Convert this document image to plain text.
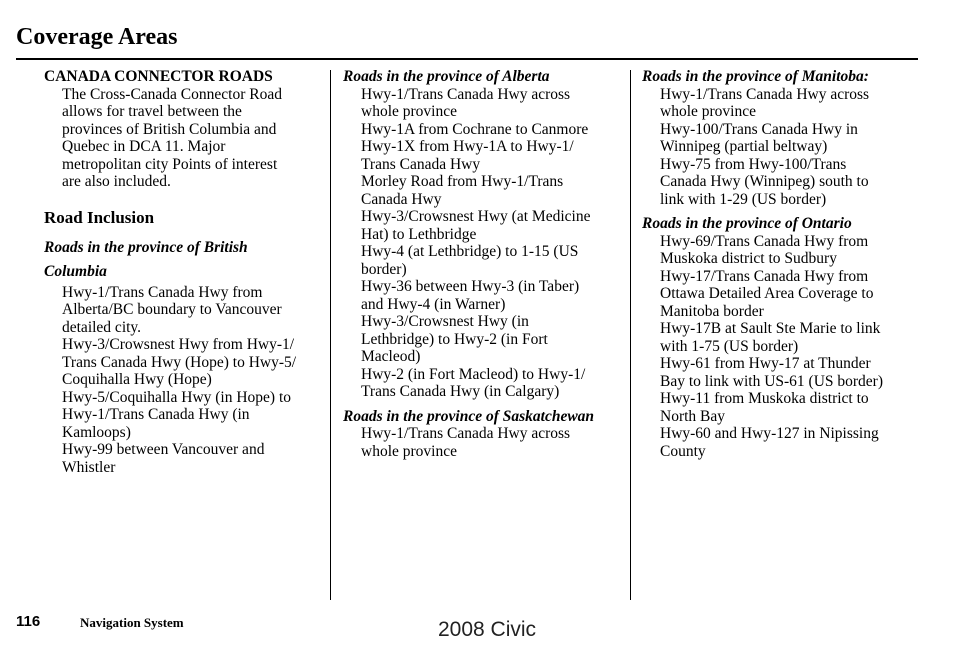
Coverage Areas

CANADA CONNECTOR ROADS

The Cross-Canada Connector Road
allows for travel between the
provinces of British Columbia and
Quebec in DCA 11. Major
metropolitan city Points of interest
are also included.

Road Inclusion

Roads in the province of British
Columbia

Hwy-1/Trans Canada Hwy from
Alberta/BC boundary to Vancouver
detailed city.
Hwy-3/Crowsnest Hwy from Hwy-1/
Trans Canada Hwy (Hope) to Hwy-5/
Coquihalla Hwy (Hope)
Hwy-5/Coquihalla Hwy (in Hope) to
Hwy-1/Trans Canada Hwy (in
Kamloops)
Hwy-99 between Vancouver and
Whistler

Roads in the province of Alberta

Hwy-1/Trans Canada Hwy across
whole province
Hwy-1A from Cochrane to Canmore
Hwy-1X from Hwy-1A to Hwy-1/
Trans Canada Hwy
Morley Road from Hwy-1/Trans
Canada Hwy
Hwy-3/Crowsnest Hwy (at Medicine
Hat) to Lethbridge
Hwy-4 (at Lethbridge) to 1-15 (US
border)
Hwy-36 between Hwy-3 (in Taber)
and Hwy-4 (in Warner)
Hwy-3/Crowsnest Hwy (in
Lethbridge) to Hwy-2 (in Fort
Macleod)
Hwy-2 (in Fort Macleod) to Hwy-1/
Trans Canada Hwy (in Calgary)

Roads in the province of Saskatchewan

Hwy-1/Trans Canada Hwy across
whole province

Roads in the province of Manitoba:

Hwy-1/Trans Canada Hwy across
whole province
Hwy-100/Trans Canada Hwy in
Winnipeg (partial beltway)
Hwy-75 from Hwy-100/Trans
Canada Hwy (Winnipeg) south to
link with 1-29 (US border)

Roads in the province of Ontario

Hwy-69/Trans Canada Hwy from
Muskoka district to Sudbury
Hwy-17/Trans Canada Hwy from
Ottawa Detailed Area Coverage to
Manitoba border
Hwy-17B at Sault Ste Marie to link
with 1-75 (US border)
Hwy-61 from Hwy-17 at Thunder
Bay to link with US-61 (US border)
Hwy-11 from Muskoka district to
North Bay
Hwy-60 and Hwy-127 in Nipissing
County
116	Navigation System	2008 Civic
